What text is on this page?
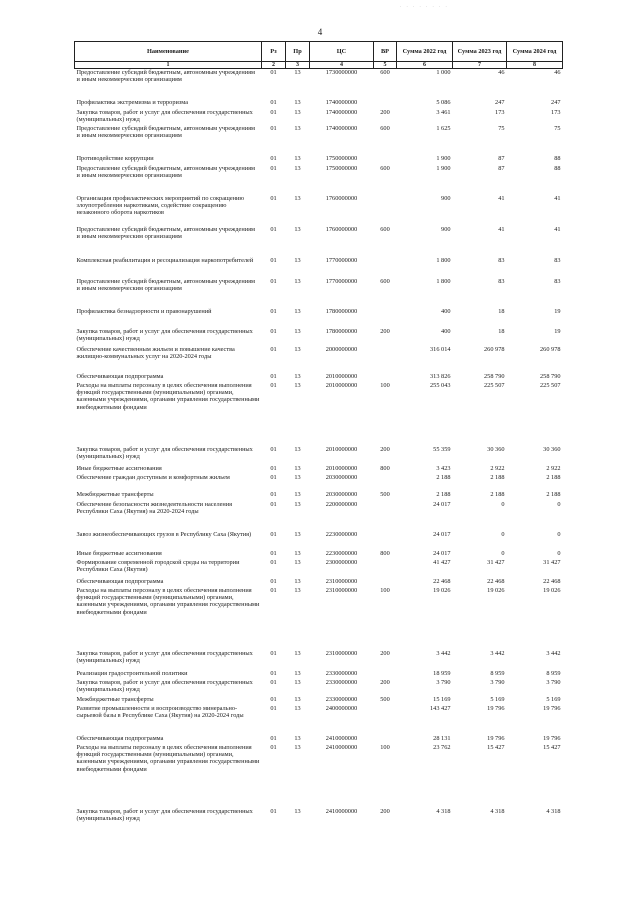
. . . . . . . .
4
Наименование	Рз	Пр	ЦС	ВР	Сумма 2022 год	Сумма 2023 год	Сумма 2024 год
1	2	3	4	5	6	7	8
Предоставление субсидий бюджетным, автономным учреждениям и иным некоммерческим организациям	01	13	1730000000	600	1 000	46	46
Профилактика экстремизма и терроризма	01	13	1740000000		5 086	247	247
Закупка товаров, работ и услуг для обеспечения государственных (муниципальных) нужд	01	13	1740000000	200	3 461	173	173
Предоставление субсидий бюджетным, автономным учреждениям и иным некоммерческим организациям	01	13	1740000000	600	1 625	75	75
Противодействие коррупции	01	13	1750000000		1 900	87	88
Предоставление субсидий бюджетным, автономным учреждениям и иным некоммерческим организациям	01	13	1750000000	600	1 900	87	88
Организация профилактических мероприятий по сокращению злоупотребления наркотиками, содействие сокращению незаконного оборота наркотиков	01	13	1760000000		900	41	41
Предоставление субсидий бюджетным, автономным учреждениям и иным некоммерческим организациям	01	13	1760000000	600	900	41	41
Комплексная реабилитация и ресоциализация наркопотребителей	01	13	1770000000		1 800	83	83
Предоставление субсидий бюджетным, автономным учреждениям и иным некоммерческим организациям	01	13	1770000000	600	1 800	83	83
Профилактика безнадзорности и правонарушений	01	13	1780000000		400	18	19
Закупка товаров, работ и услуг для обеспечения государственных (муниципальных) нужд	01	13	1780000000	200	400	18	19
Обеспечение качественным жильем и повышение качества жилищно-коммунальных услуг на 2020-2024 годы	01	13	2000000000		316 014	260 978	260 978
Обеспечивающая подпрограмма	01	13	2010000000		313 826	258 790	258 790
Расходы на выплаты персоналу в целях обеспечения выполнения функций государственными (муниципальными) органами, казенными учреждениями, органами управления государственными внебюджетными фондами	01	13	2010000000	100	255 043	225 507	225 507
Закупка товаров, работ и услуг для обеспечения государственных (муниципальных) нужд	01	13	2010000000	200	55 359	30 360	30 360
Иные бюджетные ассигнования	01	13	2010000000	800	3 423	2 922	2 922
Обеспечение граждан доступным и комфортным жильем	01	13	2030000000		2 188	2 188	2 188
Межбюджетные трансферты	01	13	2030000000	500	2 188	2 188	2 188
Обеспечение безопасности жизнедеятельности населения Республики Саха (Якутия) на 2020-2024 годы	01	13	2200000000		24 017	0	0
Завоз жизнеобеспечивающих грузов в Республику Саха (Якутия)	01	13	2230000000		24 017	0	0
Иные бюджетные ассигнования	01	13	2230000000	800	24 017	0	0
Формирование современной городской среды на территории Республики Саха (Якутия)	01	13	2300000000		41 427	31 427	31 427
Обеспечивающая подпрограмма	01	13	2310000000		22 468	22 468	22 468
Расходы на выплаты персоналу в целях обеспечения выполнения функций государственными (муниципальными) органами, казенными учреждениями, органами управления государственными внебюджетными фондами	01	13	2310000000	100	19 026	19 026	19 026
Закупка товаров, работ и услуг для обеспечения государственных (муниципальных) нужд	01	13	2310000000	200	3 442	3 442	3 442
Реализация градостроительной политики	01	13	2330000000		18 959	8 959	8 959
Закупка товаров, работ и услуг для обеспечения государственных (муниципальных) нужд	01	13	2330000000	200	3 790	3 790	3 790
Межбюджетные трансферты	01	13	2330000000	500	15 169	5 169	5 169
Развитие промышленности и воспроизводство минерально-сырьевой базы в Республике Саха (Якутия) на 2020-2024 годы	01	13	2400000000		143 427	19 796	19 796
Обеспечивающая подпрограмма	01	13	2410000000		28 131	19 796	19 796
Расходы на выплаты персоналу в целях обеспечения выполнения функций государственными (муниципальными) органами, казенными учреждениями, органами управления государственными внебюджетными фондами	01	13	2410000000	100	23 762	15 427	15 427
Закупка товаров, работ и услуг для обеспечения государственных (муниципальных) нужд	01	13	2410000000	200	4 318	4 318	4 318
